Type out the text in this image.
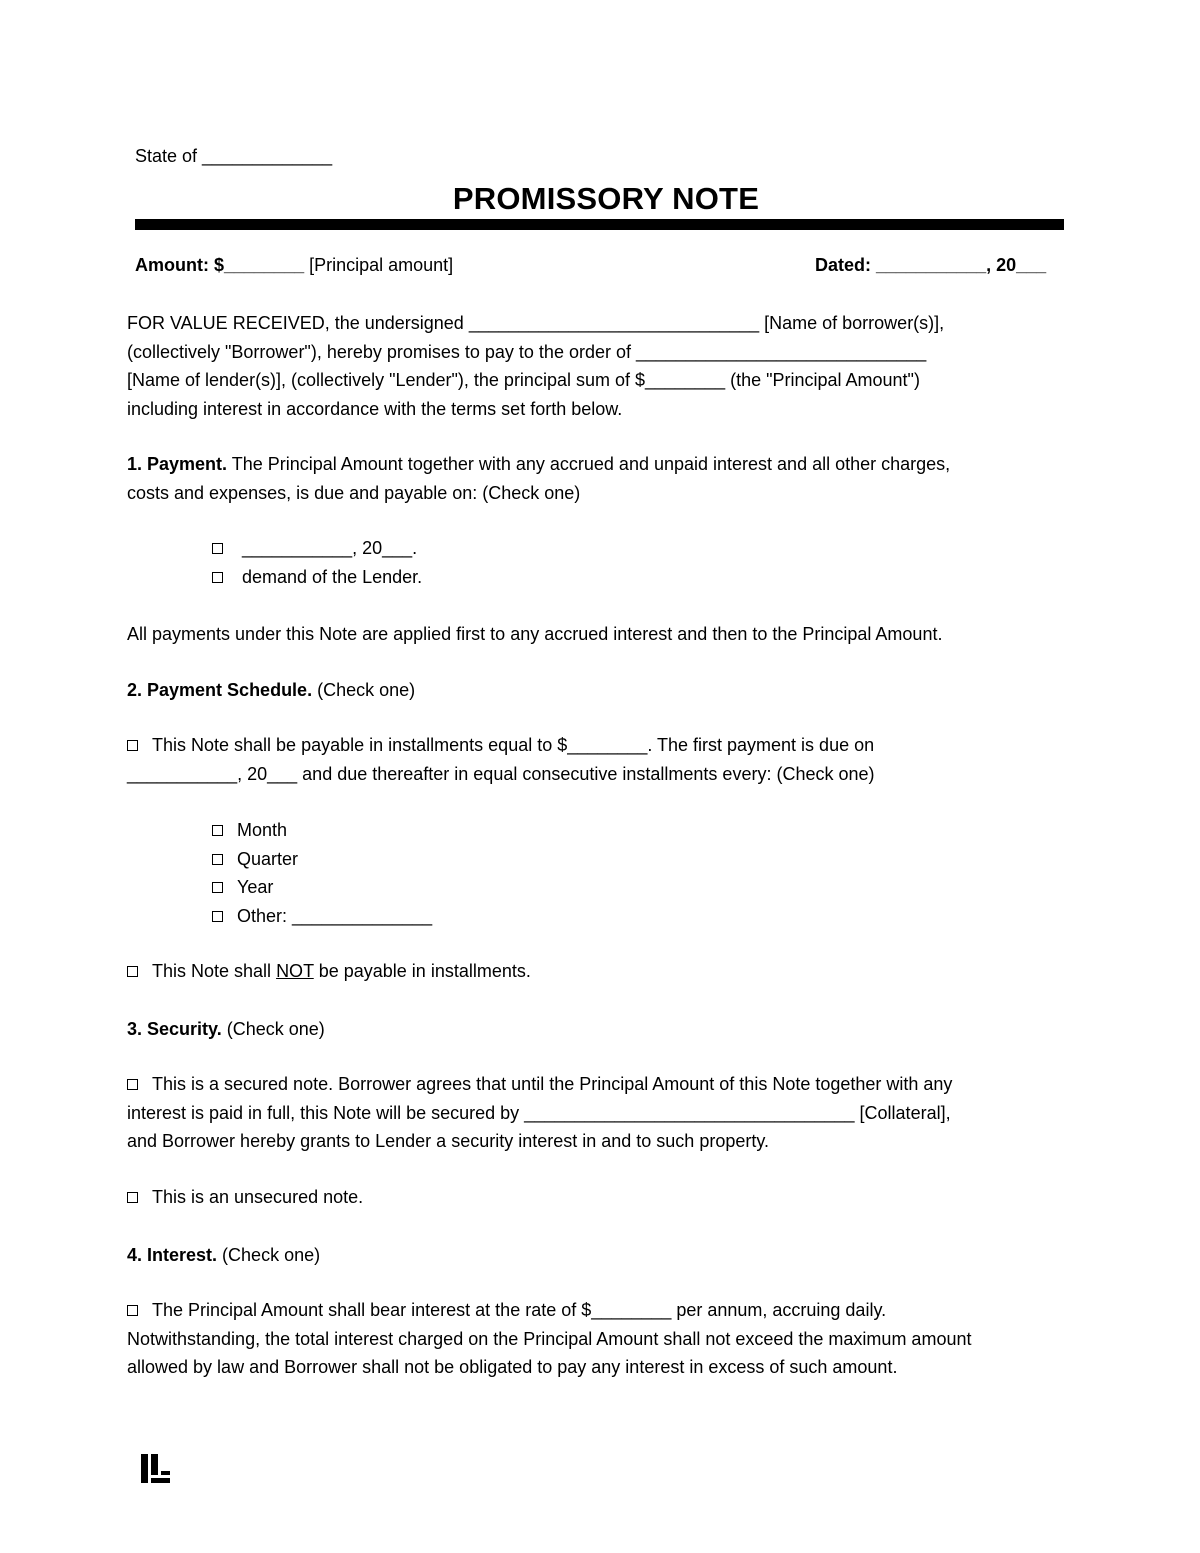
State of _____________
PROMISSORY NOTE
Amount: $________ [Principal amount]	Dated: ___________, 20___
FOR VALUE RECEIVED, the undersigned _____________________________ [Name of borrower(s)],
(collectively "Borrower"), hereby promises to pay to the order of _____________________________
[Name of lender(s)], (collectively "Lender"), the principal sum of $________ (the "Principal Amount")
including interest in accordance with the terms set forth below.
1. Payment. The Principal Amount together with any accrued and unpaid interest and all other charges,
costs and expenses, is due and payable on: (Check one)
___________, 20___.
demand of the Lender.
All payments under this Note are applied first to any accrued interest and then to the Principal Amount.
2. Payment Schedule. (Check one)
This Note shall be payable in installments equal to $________. The first payment is due on
___________, 20___ and due thereafter in equal consecutive installments every: (Check one)
Month
Quarter
Year
Other: ______________
This Note shall NOT be payable in installments.
3. Security. (Check one)
This is a secured note. Borrower agrees that until the Principal Amount of this Note together with any
interest is paid in full, this Note will be secured by _________________________________ [Collateral],
and Borrower hereby grants to Lender a security interest in and to such property.
This is an unsecured note.
4. Interest. (Check one)
The Principal Amount shall bear interest at the rate of $________ per annum, accruing daily.
Notwithstanding, the total interest charged on the Principal Amount shall not exceed the maximum amount
allowed by law and Borrower shall not be obligated to pay any interest in excess of such amount.
